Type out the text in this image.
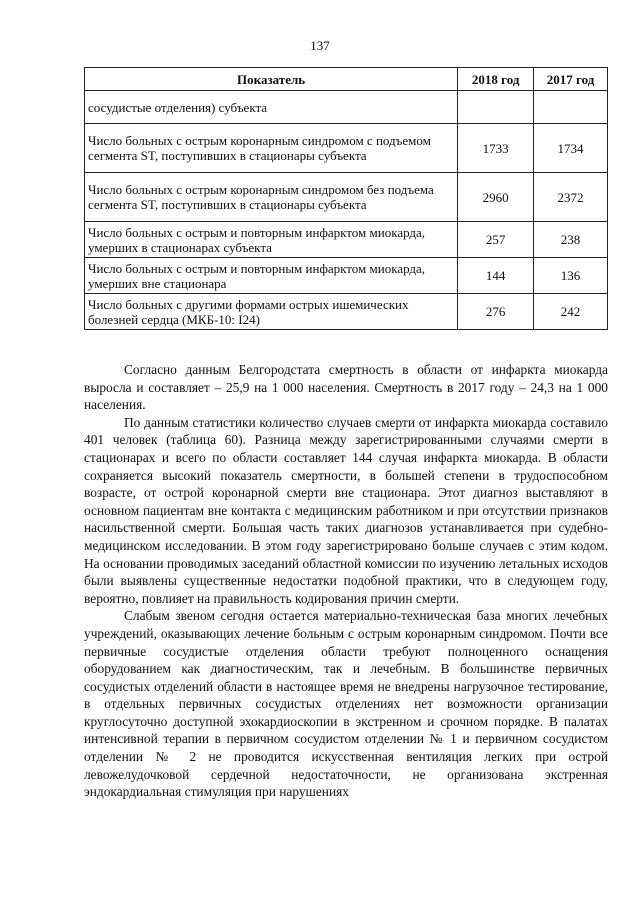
137
Показатель	2018 год	2017 год
сосудистые отделения) субъекта		
Число больных с острым коронарным синдромом с подъемом сегмента ST, поступивших в стационары субъекта	1733	1734
Число больных с острым коронарным синдромом без подъема сегмента ST, поступивших в стационары субъекта	2960	2372
Число больных с острым и повторным инфарктом миокарда, умерших в стационарах субъекта	257	238
Число больных с острым и повторным инфарктом миокарда, умерших вне стационара	144	136
Число больных с другими формами острых ишемических болезней сердца (МКБ-10: I24)	276	242

Согласно данным Белгородстата смертность в области от инфаркта миокарда выросла и составляет – 25,9 на 1 000 населения. Смертность в 2017 году – 24,3 на 1 000 населения.

По данным статистики количество случаев смерти от инфаркта миокарда составило 401 человек (таблица 60). Разница между зарегистрированными случаями смерти в стационарах и всего по области составляет 144 случая инфаркта миокарда. В области сохраняется высокий показатель смертности, в большей степени в трудоспособном возрасте, от острой коронарной смерти вне стационара. Этот диагноз выставляют в основном пациентам вне контакта с медицинским работником и при отсутствии признаков насильственной смерти. Большая часть таких диагнозов устанавливается при судебно-медицинском исследовании. В этом году зарегистрировано больше случаев с этим кодом. На основании проводимых заседаний областной комиссии по изучению летальных исходов были выявлены существенные недостатки подобной практики, что в следующем году, вероятно, повлияет на правильность кодирования причин смерти.

Слабым звеном сегодня остается материально-техническая база многих лечебных учреждений, оказывающих лечение больным с острым коронарным синдромом. Почти все первичные сосудистые отделения области требуют полноценного оснащения оборудованием как диагностическим, так и лечебным. В большинстве первичных сосудистых отделений области в настоящее время не внедрены нагрузочное тестирование, в отдельных первичных сосудистых отделениях нет возможности организации круглосуточно доступной эхокардиоскопии в экстренном и срочном порядке. В палатах интенсивной терапии в первичном сосудистом отделении № 1 и первичном сосудистом отделении № 2 не проводится искусственная вентиляция легких при острой левожелудочковой сердечной недостаточности, не организована экстренная эндокардиальная стимуляция при нарушениях
